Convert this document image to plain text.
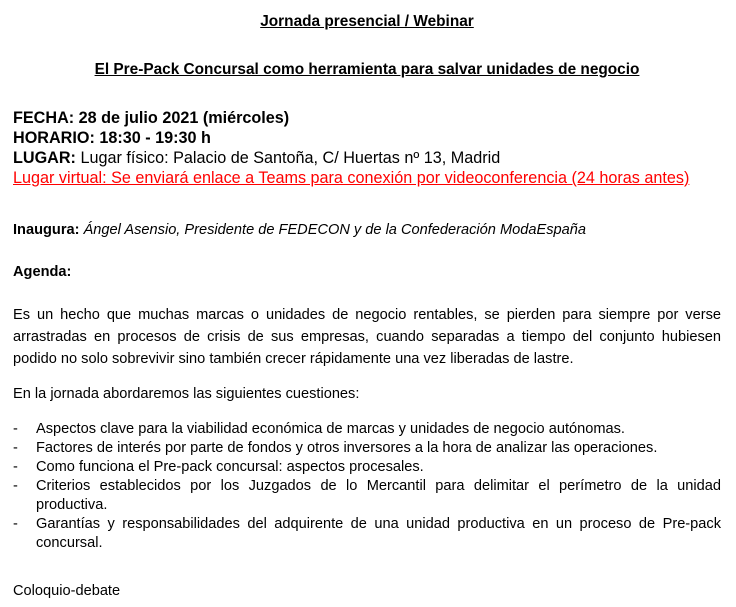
Jornada presencial / Webinar
El Pre-Pack Concursal como herramienta para salvar unidades de negocio
FECHA: 28 de julio 2021 (miércoles)
HORARIO: 18:30 - 19:30 h
LUGAR: Lugar físico: Palacio de Santoña, C/ Huertas nº 13, Madrid
Lugar virtual: Se enviará enlace a Teams para conexión por videoconferencia (24 horas antes)
Inaugura: Ángel Asensio, Presidente de FEDECON y de la Confederación ModaEspaña
Agenda:
Es un hecho que muchas marcas o unidades de negocio rentables, se pierden para siempre por verse arrastradas en procesos de crisis de sus empresas, cuando separadas a tiempo del conjunto hubiesen podido no solo sobrevivir sino también crecer rápidamente una vez liberadas de lastre.
En la jornada abordaremos las siguientes cuestiones:
- Aspectos clave para la viabilidad económica de marcas y unidades de negocio autónomas.
- Factores de interés por parte de fondos y otros inversores a la hora de analizar las operaciones.
- Como funciona el Pre-pack concursal: aspectos procesales.
- Criterios establecidos por los Juzgados de lo Mercantil para delimitar el perímetro de la unidad productiva.
- Garantías y responsabilidades del adquirente de una unidad productiva en un proceso de Pre-pack concursal.
Coloquio-debate
